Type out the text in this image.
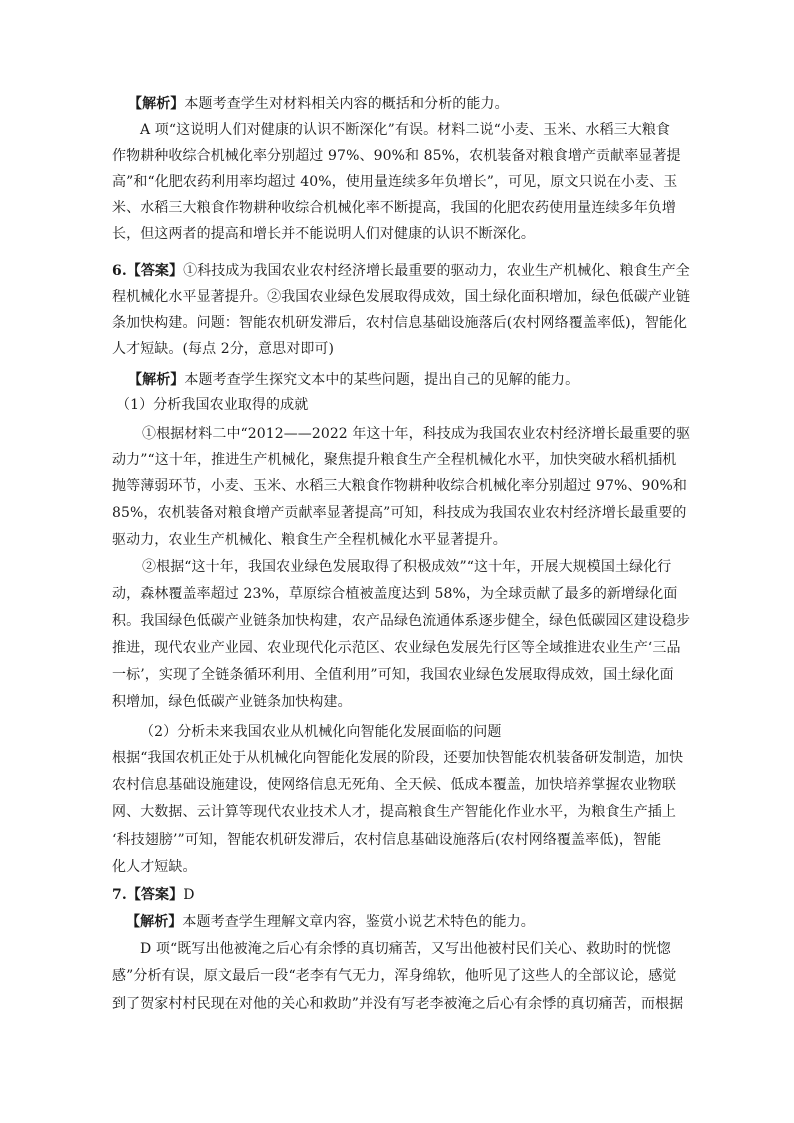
【解析】本题考查学生对材料相关内容的概括和分析的能力。
A 项“这说明人们对健康的认识不断深化”有误。材料二说“小麦、玉米、水稻三大粮食
作物耕种收综合机械化率分别超过 97%、90%和 85%，农机装备对粮食增产贡献率显著提
高”和“化肥农药利用率均超过 40%，使用量连续多年负增长”，可见，原文只说在小麦、玉
米、水稻三大粮食作物耕种收综合机械化率不断提高，我国的化肥农药使用量连续多年负增
长，但这两者的提高和增长并不能说明人们对健康的认识不断深化。
6.【答案】①科技成为我国农业农村经济增长最重要的驱动力，农业生产机械化、粮食生产全
程机械化水平显著提升。②我国农业绿色发展取得成效，国土绿化面积增加，绿色低碳产业链
条加快构建。问题：智能农机研发滞后，农村信息基础设施落后(农村网络覆盖率低)，智能化
人才短缺。(每点 2分，意思对即可)
【解析】本题考查学生探究文本中的某些问题，提出自己的见解的能力。
（1）分析我国农业取得的成就
①根据材料二中“2012——2022 年这十年，科技成为我国农业农村经济增长最重要的驱
动力”“这十年，推进生产机械化，聚焦提升粮食生产全程机械化水平，加快突破水稻机插机
抛等薄弱环节，小麦、玉米、水稻三大粮食作物耕种收综合机械化率分别超过 97%、90%和
85%，农机装备对粮食增产贡献率显著提高”可知，科技成为我国农业农村经济增长最重要的
驱动力，农业生产机械化、粮食生产全程机械化水平显著提升。
②根据“这十年，我国农业绿色发展取得了积极成效”“这十年，开展大规模国土绿化行
动，森林覆盖率超过 23%，草原综合植被盖度达到 58%，为全球贡献了最多的新增绿化面
积。我国绿色低碳产业链条加快构建，农产品绿色流通体系逐步健全，绿色低碳园区建设稳步
推进，现代农业产业园、农业现代化示范区、农业绿色发展先行区等全域推进农业生产‘三品
一标’，实现了全链条循环利用、全值利用”可知，我国农业绿色发展取得成效，国土绿化面
积增加，绿色低碳产业链条加快构建。
（2）分析未来我国农业从机械化向智能化发展面临的问题
根据“我国农机正处于从机械化向智能化发展的阶段，还要加快智能农机装备研发制造，加快
农村信息基础设施建设，使网络信息无死角、全天候、低成本覆盖，加快培养掌握农业物联
网、大数据、云计算等现代农业技术人才，提高粮食生产智能化作业水平，为粮食生产插上
‘科技翅膀’”可知，智能农机研发滞后，农村信息基础设施落后(农村网络覆盖率低)，智能
化人才短缺。
7.【答案】D
【解析】本题考查学生理解文章内容，鉴赏小说艺术特色的能力。
D 项“既写出他被淹之后心有余悸的真切痛苦，又写出他被村民们关心、救助时的恍惚
感”分析有误，原文最后一段“老李有气无力，浑身绵软，他听见了这些人的全部议论，感觉
到了贺家村村民现在对他的关心和救助”并没有写老李被淹之后心有余悸的真切痛苦，而根据
